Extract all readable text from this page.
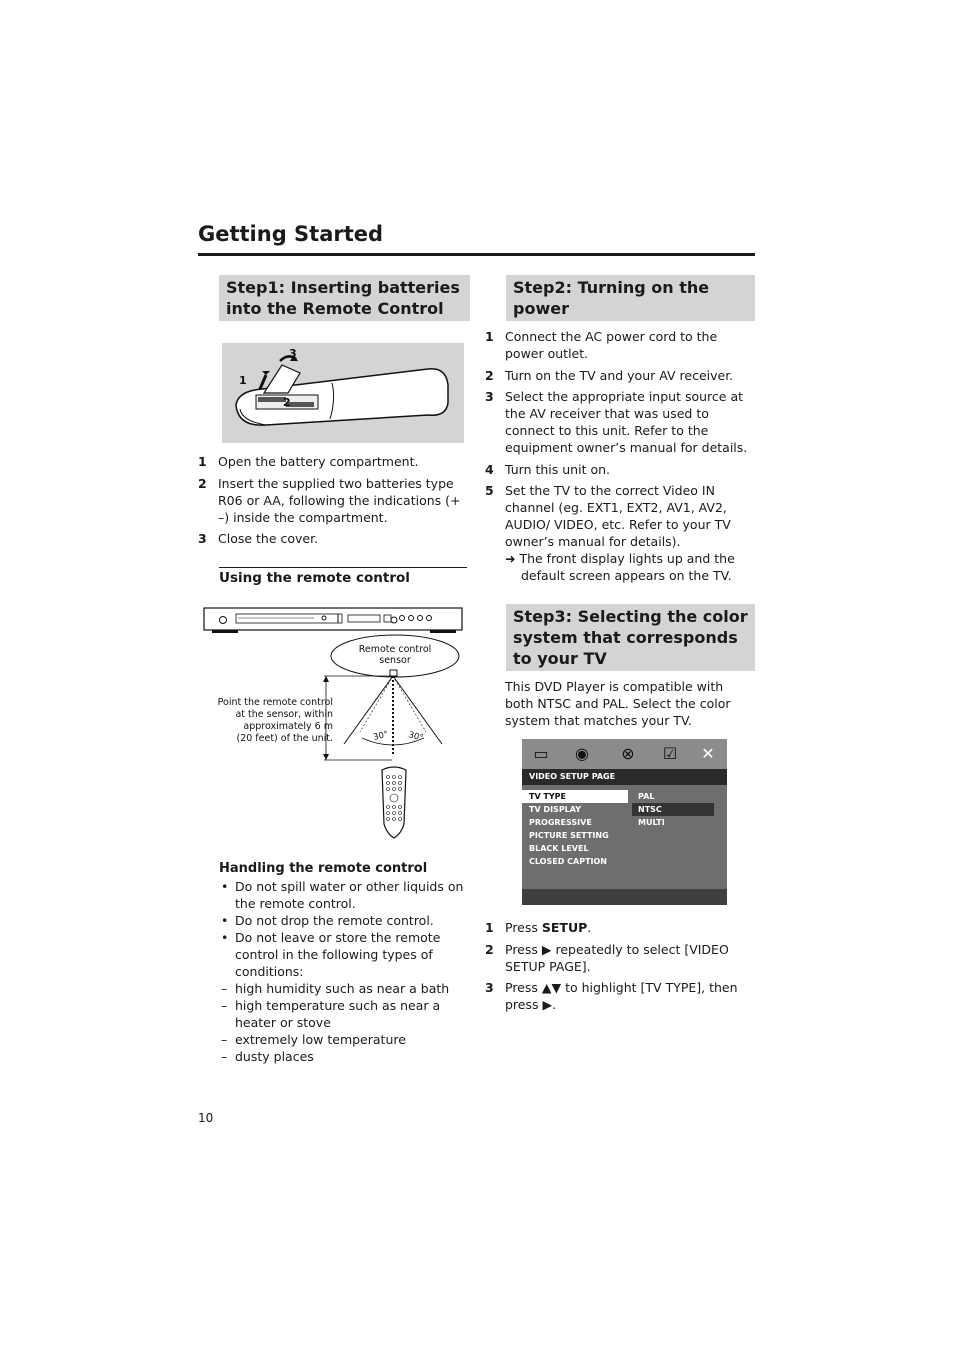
Getting Started
Step1: Inserting batteries into the Remote Control
1
2
3
1 Open the battery compartment.
2 Insert the supplied two batteries type R06 or AA, following the indications (+ –) inside the compartment.
3 Close the cover.
Using the remote control
Remote control
sensor
30° 30°
Point the remote control
at the sensor, within
approximately 6 m
(20 feet) of the unit.
Handling the remote control
• Do not spill water or other liquids on the remote control.
• Do not drop the remote control.
• Do not leave or store the remote control in the following types of conditions:
– high humidity such as near a bath
– high temperature such as near a heater or stove
– extremely low temperature
– dusty places
Step2: Turning on the power
1 Connect the AC power cord to the power outlet.
2 Turn on the TV and your AV receiver.
3 Select the appropriate input source at the AV receiver that was used to connect to this unit. Refer to the equipment owner’s manual for details.
4 Turn this unit on.
5 Set the TV to the correct Video IN channel (eg. EXT1, EXT2, AV1, AV2, AUDIO/ VIDEO, etc. Refer to your TV owner’s manual for details).
➜ The front display lights up and the default screen appears on the TV.
Step3: Selecting the color system that corresponds to your TV
This DVD Player is compatible with both NTSC and PAL. Select the color system that matches your TV.
▭ ◉ ⊗ ☑ ✕
VIDEO SETUP PAGE
TV TYPE
TV DISPLAY
PROGRESSIVE
PICTURE SETTING
BLACK LEVEL
CLOSED CAPTION
PAL
NTSC
MULTI
1 Press SETUP.
2 Press ▶ repeatedly to select [VIDEO SETUP PAGE].
3 Press ▲▼ to highlight [TV TYPE], then press ▶.
10
